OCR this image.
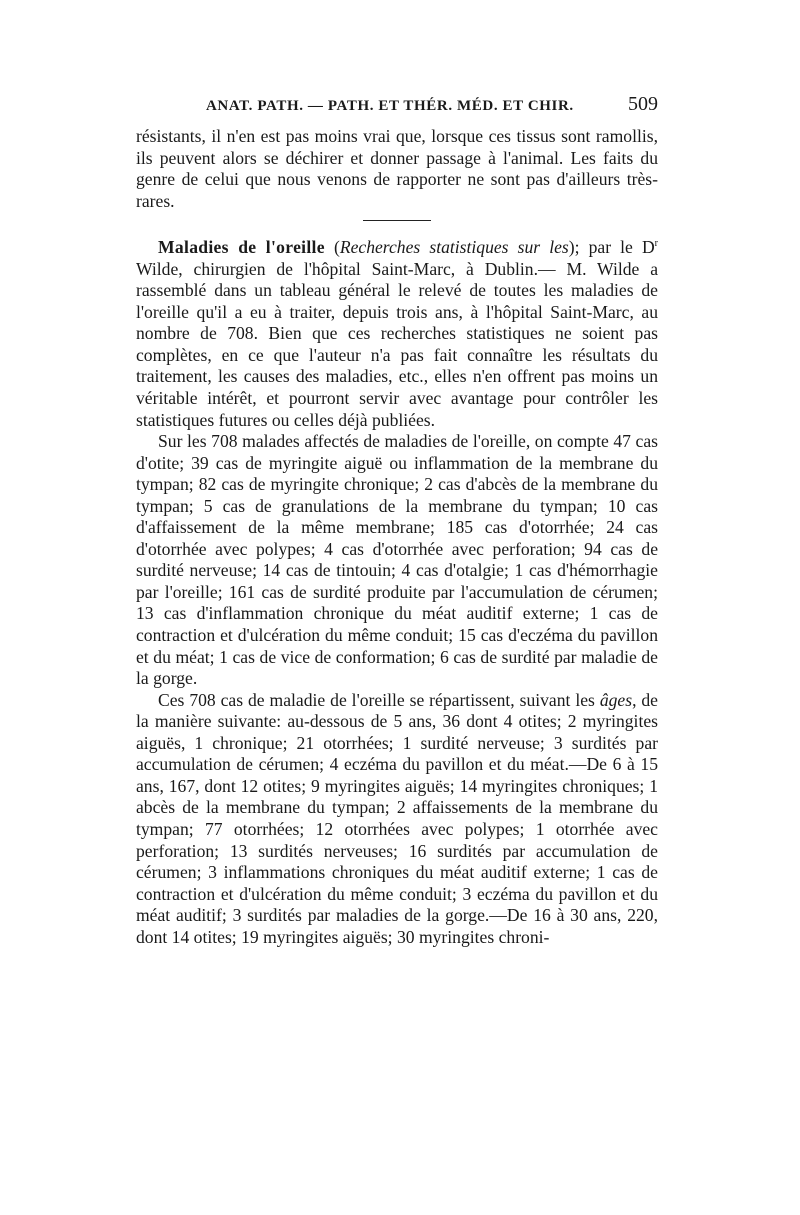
ANAT. PATH. — PATH. ET THÉR. MÉD. ET CHIR.	509

résistants, il n'en est pas moins vrai que, lorsque ces tissus sont ramollis, ils peuvent alors se déchirer et donner passage à l'animal. Les faits du genre de celui que nous venons de rapporter ne sont pas d'ailleurs très-rares.

Maladies de l'oreille (Recherches statistiques sur les); par le $D^r$ Wilde, chirurgien de l'hôpital Saint-Marc, à Dublin.— M. Wilde a rassemblé dans un tableau général le relevé de toutes les maladies de l'oreille qu'il a eu à traiter, depuis trois ans, à l'hôpital Saint-Marc, au nombre de 708. Bien que ces recherches statistiques ne soient pas complètes, en ce que l'auteur n'a pas fait connaître les résultats du traitement, les causes des maladies, etc., elles n'en offrent pas moins un véritable intérêt, et pourront servir avec avantage pour contrôler les statistiques futures ou celles déjà publiées.

Sur les 708 malades affectés de maladies de l'oreille, on compte 47 cas d'otite; 39 cas de myringite aiguë ou inflammation de la membrane du tympan; 82 cas de myringite chronique; 2 cas d'abcès de la membrane du tympan; 5 cas de granulations de la membrane du tympan; 10 cas d'affaissement de la même membrane; 185 cas d'otorrhée; 24 cas d'otorrhée avec polypes; 4 cas d'otorrhée avec perforation; 94 cas de surdité nerveuse; 14 cas de tintouin; 4 cas d'otalgie; 1 cas d'hémorrhagie par l'oreille; 161 cas de surdité produite par l'accumulation de cérumen; 13 cas d'inflammation chronique du méat auditif externe; 1 cas de contraction et d'ulcération du même conduit; 15 cas d'eczéma du pavillon et du méat; 1 cas de vice de conformation; 6 cas de surdité par maladie de la gorge.

Ces 708 cas de maladie de l'oreille se répartissent, suivant les âges, de la manière suivante: au-dessous de 5 ans, 36 dont 4 otites; 2 myringites aiguës, 1 chronique; 21 otorrhées; 1 surdité nerveuse; 3 surdités par accumulation de cérumen; 4 eczéma du pavillon et du méat.—De 6 à 15 ans, 167, dont 12 otites; 9 myringites aiguës; 14 myringites chroniques; 1 abcès de la membrane du tympan; 2 affaissements de la membrane du tympan; 77 otorrhées; 12 otorrhées avec polypes; 1 otorrhée avec perforation; 13 surdités nerveuses; 16 surdités par accumulation de cérumen; 3 inflammations chroniques du méat auditif externe; 1 cas de contraction et d'ulcération du même conduit; 3 eczéma du pavillon et du méat auditif; 3 surdités par maladies de la gorge.—De 16 à 30 ans, 220, dont 14 otites; 19 myringites aiguës; 30 myringites chroni-
